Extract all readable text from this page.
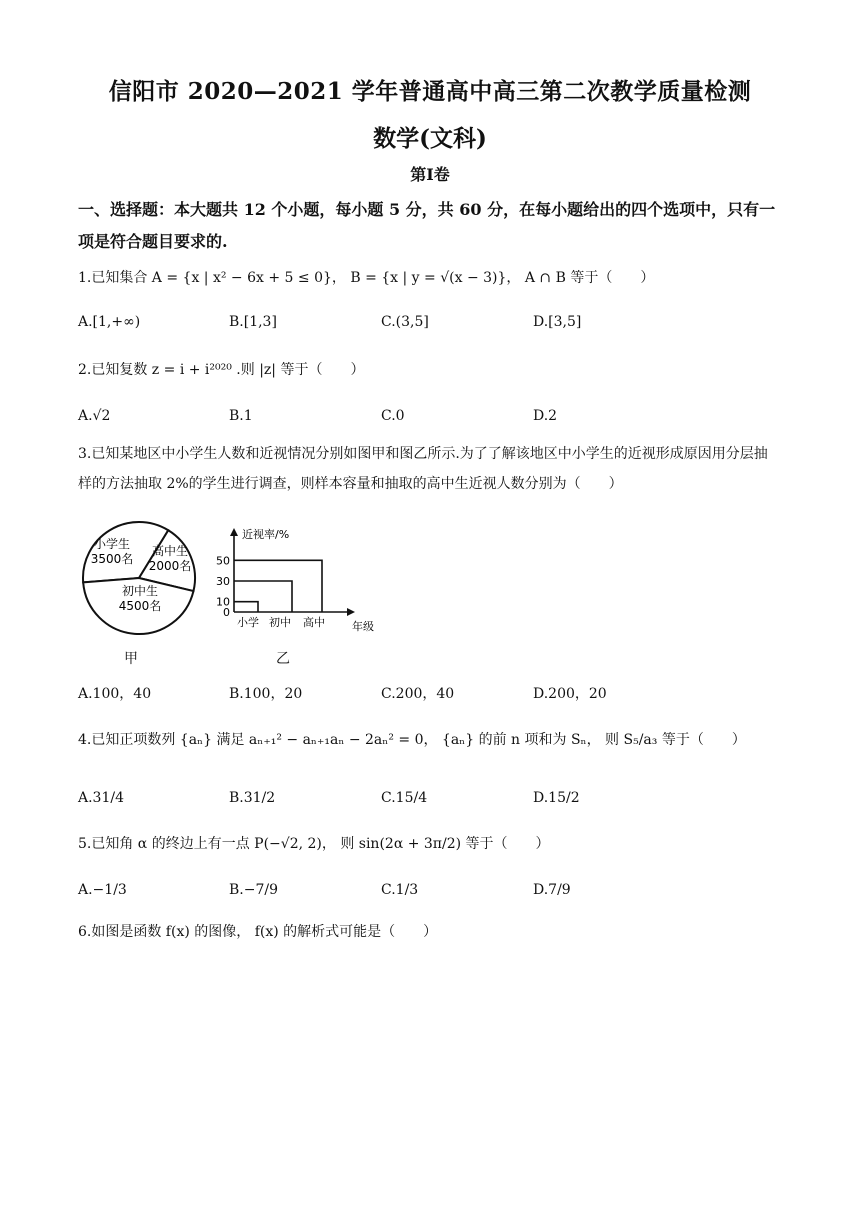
信阳市 2020—2021 学年普通高中高三第二次教学质量检测
数学(文科)
第Ⅰ卷
一、选择题：本大题共 12 个小题，每小题 5 分，共 60 分，在每小题给出的四个选项中，只有一项是符合题目要求的.
1.已知集合 A = {x | x² − 6x + 5 ≤ 0}， B = {x | y = √(x − 3)}， A ∩ B 等于（　　）
A.[1,+∞)	B.[1,3]	C.(3,5]	D.[3,5]
2.已知复数 z = i + i²⁰²⁰ .则 |z| 等于（　　）
A.√2	B.1	C.0	D.2
3.已知某地区中小学生人数和近视情况分别如图甲和图乙所示.为了了解该地区中小学生的近视形成原因用分层抽样的方法抽取 2%的学生进行调查，则样本容量和抽取的高中生近视人数分别为（　　）
小学生
3500名
高中生
2000名
初中生
4500名
甲
0
10
30
50
小学 初中 高中
近视率/%
年级
乙
A.100，40	B.100，20	C.200，40	D.200，20
4.已知正项数列 {aₙ} 满足 aₙ₊₁² − aₙ₊₁aₙ − 2aₙ² = 0， {aₙ} 的前 n 项和为 Sₙ， 则 S₅/a₃ 等于（　　）
A.31/4	B.31/2	C.15/4	D.15/2
5.已知角 α 的终边上有一点 P(−√2, 2)， 则 sin(2α + 3π/2) 等于（　　）
A.−1/3	B.−7/9	C.1/3	D.7/9
6.如图是函数 f(x) 的图像， f(x) 的解析式可能是（　　）
